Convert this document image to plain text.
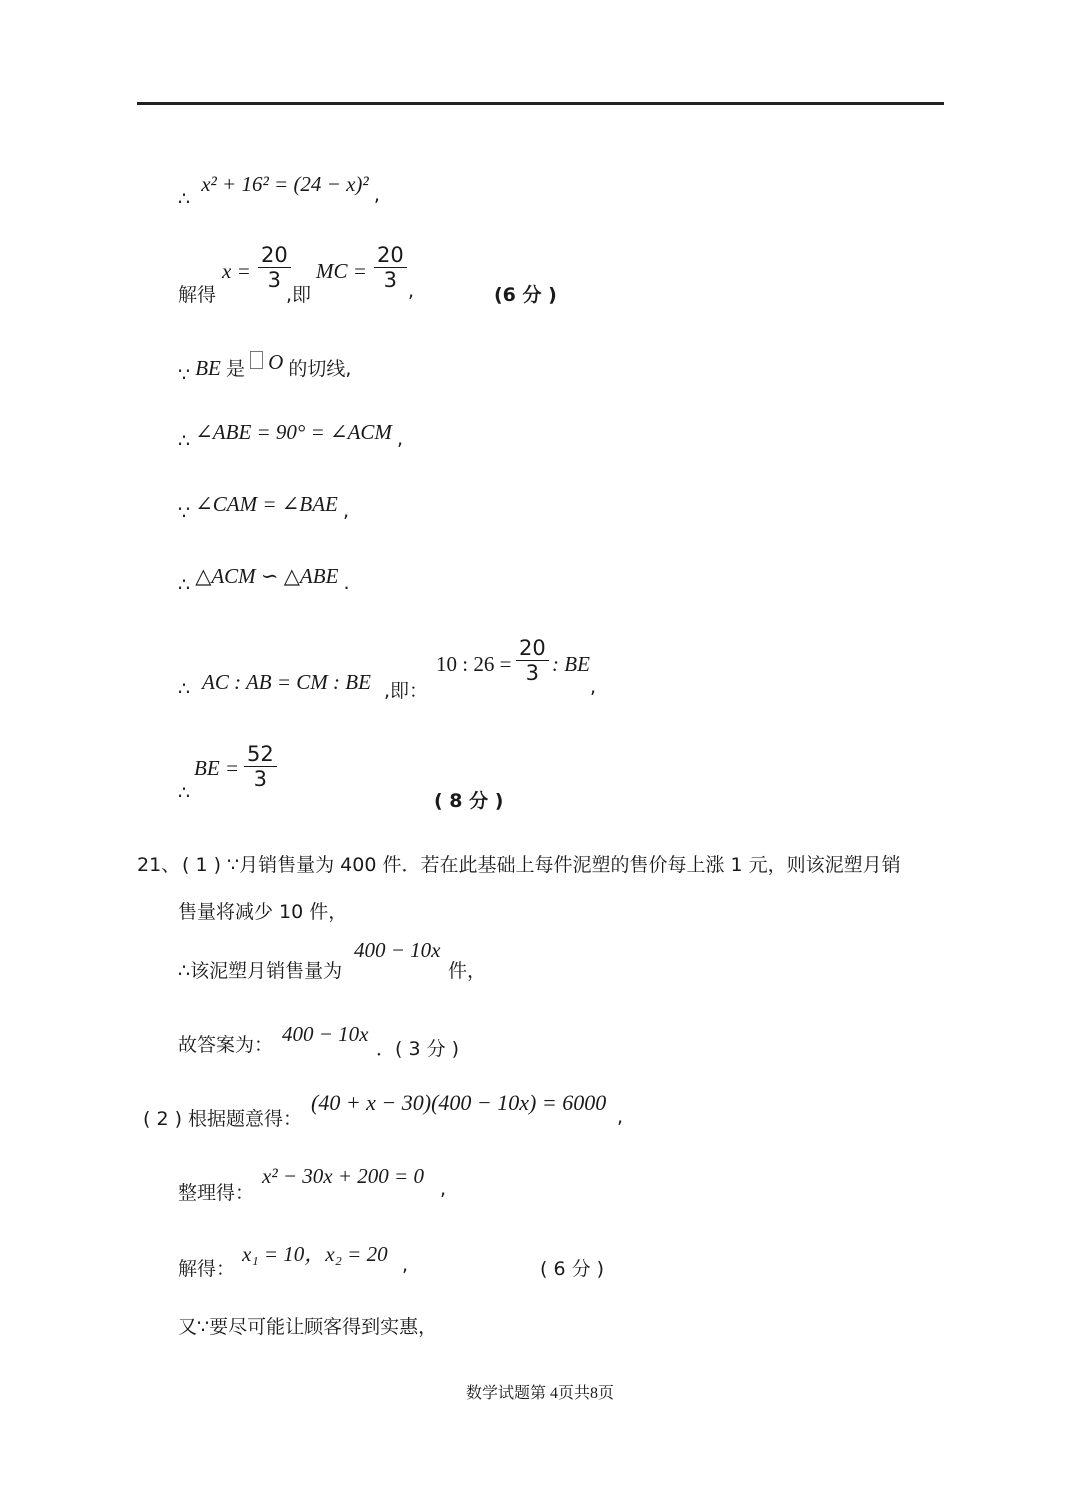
∴ x² + 16² = (24 − x)² ,
解得
$x = \frac{20}{3}$
,即
MC = $\frac{20}{3}$ ,	(6 分 )
∵ BE 是 O 的切线,
∴ ∠ABE = 90° = ∠ACM ,
∵ ∠CAM = ∠BAE ,
∴ △ACM ∽ △ABE .
∴ AC : AB = CM : BE ,即：
10 : $26 = \frac{20}{3}$ : BE
,
∴
BE = $\frac{52}{3}$
( 8 分 )
21、 ( 1 ) ∵月销售量为 400 件．若在此基础上每件泥塑的售价每上涨 1 元，则该泥塑月销
售量将减少 10 件，
∴该泥塑月销售量为
400 − 10x
件，
故答案为： 400 − 10x
．( 3 分 )
( 2 ) 根据题意得：
(40 + x − 30)(400 − 10x) = 6000
,
整理得：
x² − 30x + 200 = 0
,
解得：
x₁ = 10，x₂ = 20 ,	( 6 分 )
又∵要尽可能让顾客得到实惠，
数学试题第 4页共8页
